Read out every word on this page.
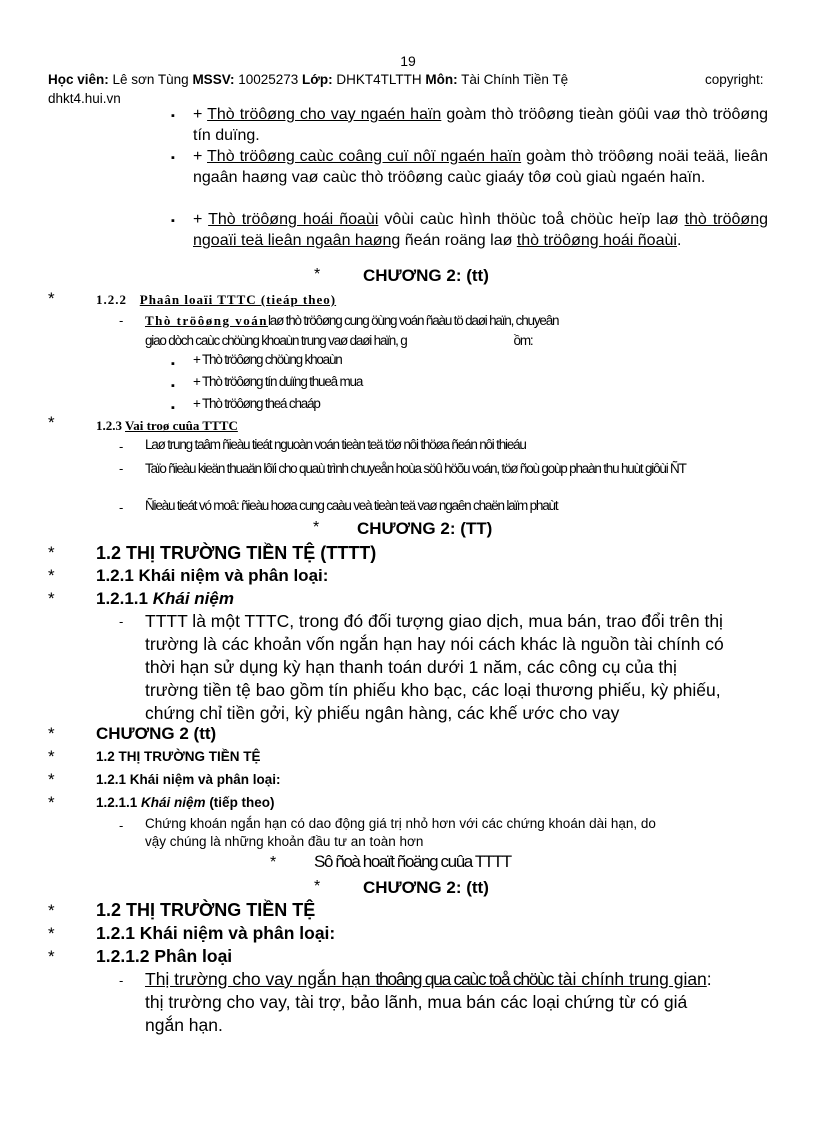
19
Học viên: Lê sơn Tùng MSSV: 10025273 Lớp: DHKT4TLTTH Môn: Tài Chính Tiền Tệ	copyright:
dhkt4.hui.vn
▪ + Thò tröôøng cho vay ngaén haïn goàm thò tröôøng tieàn göûi vaø thò tröôøng tín duïng.
▪ + Thò tröôøng caùc coâng cuï nôï ngaén haïn goàm thò tröôøng noäi teää, lieân ngaân haøng vaø caùc thò tröôøng caùc giaáy tôø coù giaù ngaén haïn.
▪ + Thò tröôøng hoái ñoaùi vôùi caùc hình thöùc toå chöùc heïp laø thò tröôøng ngoaïi teä lieân ngaân haøng ñeán roäng laø thò tröôøng hoái ñoaùi.
*	CHƯƠNG 2: (tt)
*	1.2.2 Phaân loaïi TTTC (tieáp theo)
- Thò tröôøng voánlaø thò tröôøng cung öùng voán ñaàu tö daøi haïn, chuyeân
giao dòch caùc chöùng khoaùn trung vaø daøi haïn, g	ồm:
▪ + Thò tröôøng chöùng khoaùn
▪ + Thò tröôøng tín duïng thueâ mua
▪ + Thò tröôøng theá chaáp
*	1.2.3 Vai troø cuûa TTTC
- Laø trung taâm ñieàu tieát nguoàn voán tieàn teä töø nôi thöøa ñeán nôi thieáu
- Taïo ñieàu kieän thuaän lôïi cho quaù trình chuyeån hoùa söû höõu voán, töø ñoù goùp phaàn thu huùt giôùi ÑT
- Ñieàu tieát vó moâ: ñieàu hoøa cung caàu veà tieàn teä vaø ngaên chaën laïm phaùt
* CHƯƠNG 2: (TT)
* 1.2 THỊ TRƯỜNG TIỀN TỆ (TTTT)
* 1.2.1 Khái niệm và phân loại:
* 1.2.1.1 Khái niệm
- TTTT là một TTTC, trong đó đối tượng giao dịch, mua bán, trao đổi trên thị
trường là các khoản vốn ngắn hạn hay nói cách khác là nguồn tài chính có
thời hạn sử dụng kỳ hạn thanh toán dưới 1 năm, các công cụ của thị
trường tiền tệ bao gồm tín phiếu kho bạc, các loại thương phiếu, kỳ phiếu,
chứng chỉ tiền gởi, kỳ phiếu ngân hàng, các khế ước cho vay
* CHƯƠNG 2 (tt)
*	1.2 THỊ TRƯỜNG TIỀN TỆ
*	1.2.1 Khái niệm và phân loại:
*	1.2.1.1 Khái niệm (tiếp theo)
- Chứng khoán ngắn hạn có dao động giá trị nhỏ hơn với các chứng khoán dài hạn, do
vậy chúng là những khoản đầu tư an toàn hơn
* Sô ñoà hoaït ñoäng cuûa TTTT
*	CHƯƠNG 2: (tt)
* 1.2 THỊ TRƯỜNG TIỀN TỆ
* 1.2.1 Khái niệm và phân loại:
* 1.2.1.2 Phân loại
- Thị trường cho vay ngắn hạn thoâng qua caùc toå chöùc tài chính trung gian:
thị trường cho vay, tài trợ, bảo lãnh, mua bán các loại chứng từ có giá
ngắn hạn.
